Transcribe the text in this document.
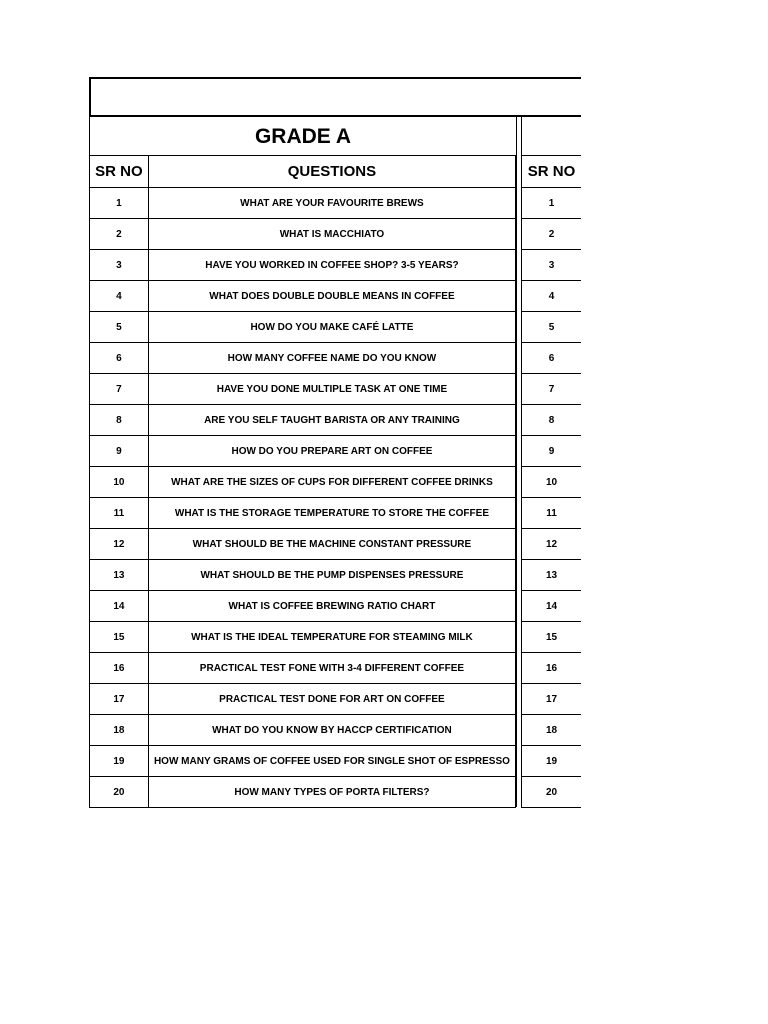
GRADE A
SR NO	QUESTIONS
1	WHAT ARE YOUR FAVOURITE BREWS
2	WHAT IS MACCHIATO
3	HAVE YOU WORKED IN COFFEE SHOP? 3-5 YEARS?
4	WHAT DOES DOUBLE DOUBLE MEANS IN COFFEE
5	HOW DO YOU MAKE CAFÉ LATTE
6	HOW MANY COFFEE NAME DO YOU KNOW
7	HAVE YOU DONE MULTIPLE TASK AT ONE TIME
8	ARE YOU SELF TAUGHT BARISTA OR ANY TRAINING
9	HOW DO YOU PREPARE ART ON COFFEE
10	WHAT ARE THE SIZES OF CUPS FOR DIFFERENT COFFEE DRINKS
11	WHAT IS THE STORAGE TEMPERATURE TO STORE THE COFFEE
12	WHAT SHOULD BE THE MACHINE CONSTANT PRESSURE
13	WHAT SHOULD BE THE PUMP DISPENSES PRESSURE
14	WHAT IS COFFEE BREWING RATIO CHART
15	WHAT IS THE IDEAL TEMPERATURE FOR STEAMING MILK
16	PRACTICAL TEST FONE WITH 3-4 DIFFERENT COFFEE
17	PRACTICAL TEST DONE FOR ART ON COFFEE
18	WHAT DO YOU KNOW BY HACCP CERTIFICATION
19	HOW MANY GRAMS OF COFFEE USED FOR SINGLE SHOT OF ESPRESSO
20	HOW MANY TYPES OF PORTA FILTERS?
SR NO
1
2
3
4
5
6
7
8
9
10
11
12
13
14
15
16
17
18
19
20
